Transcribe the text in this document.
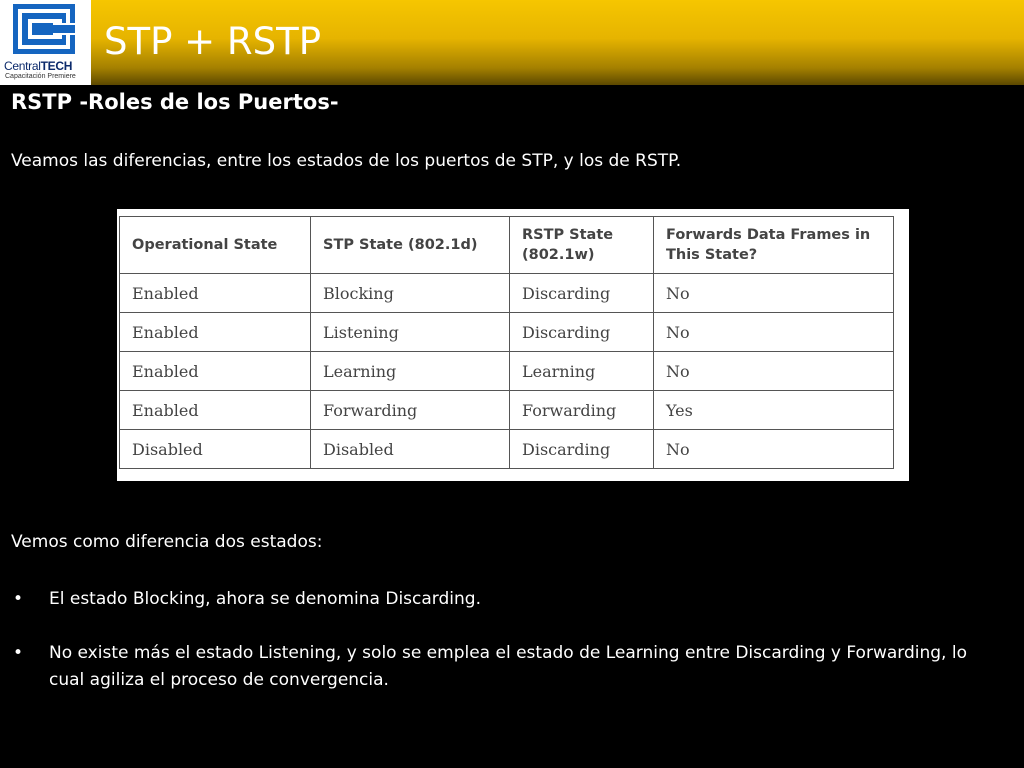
CentralTECH
Capacitación Premiere
STP + RSTP
RSTP -Roles de los Puertos-

Veamos las diferencias, entre los estados de los puertos de STP, y los de RSTP.

Operational State	STP State (802.1d)	RSTP State (802.1w)	Forwards Data Frames in This State?
Enabled	Blocking	Discarding	No
Enabled	Listening	Discarding	No
Enabled	Learning	Learning	No
Enabled	Forwarding	Forwarding	Yes
Disabled	Disabled	Discarding	No

Vemos como diferencia dos estados:

• El estado Blocking, ahora se denomina Discarding.
• No existe más el estado Listening, y solo se emplea el estado de Learning entre Discarding y Forwarding, lo cual agiliza el proceso de convergencia.
